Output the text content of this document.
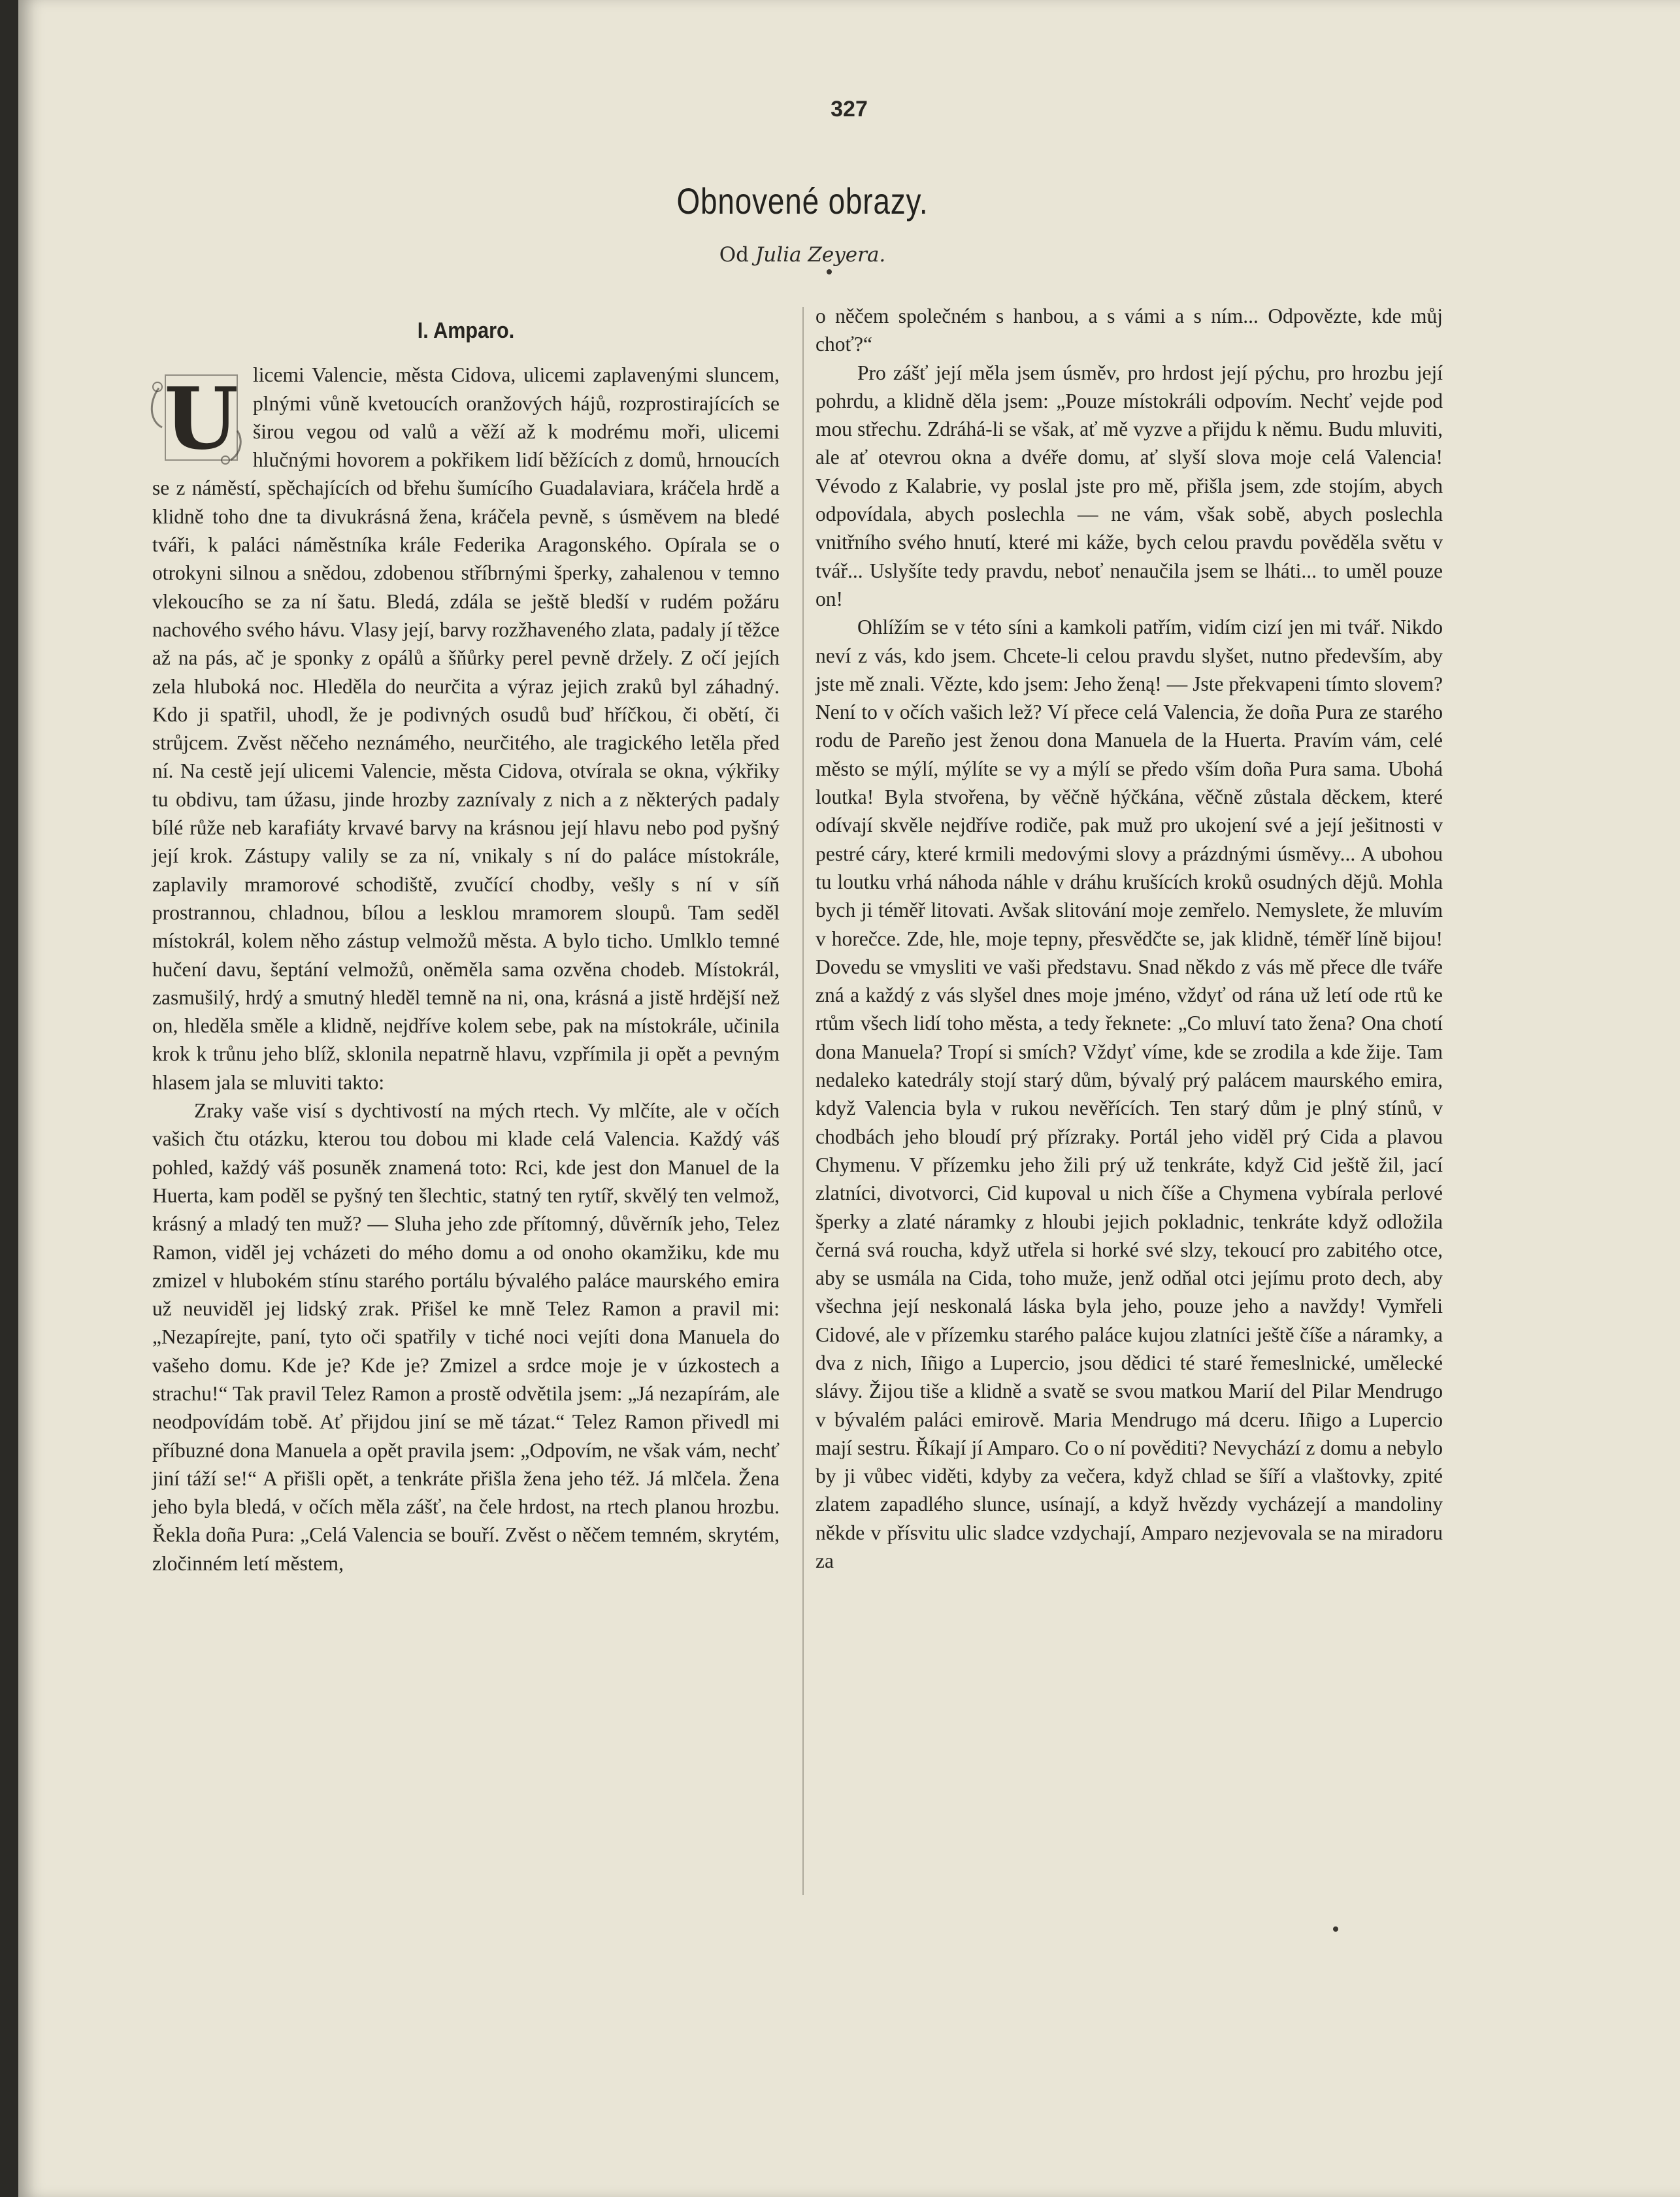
327
Obnovené obrazy.
Od Julia Zeyera.
I. Amparo.
U licemi Valencie, města Cidova, ulicemi zaplavenými sluncem, plnými vůně kvetoucích oranžových hájů, rozprostirajících se širou vegou od valů a věží až k modrému moři, ulicemi hlučnými hovorem a pokřikem lidí běžících z domů, hrnoucích se z náměstí, spěchajících od břehu šumícího Guadalaviara, kráčela hrdě a klidně toho dne ta divukrásná žena, kráčela pevně, s úsměvem na bledé tváři, k paláci náměstníka krále Federika Aragonského. Opírala se o otrokyni silnou a snědou, zdobenou stříbrnými šperky, zahalenou v temno vlekoucího se za ní šatu. Bledá, zdála se ještě bledší v rudém požáru nachového svého hávu. Vlasy její, barvy rozžhaveného zlata, padaly jí těžce až na pás, ač je sponky z opálů a šňůrky perel pevně držely. Z očí jejích zela hluboká noc. Hleděla do neurčita a výraz jejich zraků byl záhadný. Kdo ji spatřil, uhodl, že je podivných osudů buď hříčkou, či obětí, či strůjcem. Zvěst něčeho neznámého, neurčitého, ale tragického letěla před ní. Na cestě její ulicemi Valencie, města Cidova, otvírala se okna, výkřiky tu obdivu, tam úžasu, jinde hrozby zaznívaly z nich a z některých padaly bílé růže neb karafiáty krvavé barvy na krásnou její hlavu nebo pod pyšný její krok. Zástupy valily se za ní, vnikaly s ní do paláce místokrále, zaplavily mramorové schodiště, zvučící chodby, vešly s ní v síň prostrannou, chladnou, bílou a lesklou mramorem sloupů. Tam seděl místokrál, kolem něho zástup velmožů města. A bylo ticho. Umlklo temné hučení davu, šeptání velmožů, oněměla sama ozvěna chodeb. Místokrál, zasmušilý, hrdý a smutný hleděl temně na ni, ona, krásná a jistě hrdější než on, hleděla směle a klidně, nejdříve kolem sebe, pak na místokrále, učinila krok k trůnu jeho blíž, sklonila nepatrně hlavu, vzpřímila ji opět a pevným hlasem jala se mluviti takto:

Zraky vaše visí s dychtivostí na mých rtech. Vy mlčíte, ale v očích vašich čtu otázku, kterou tou dobou mi klade celá Valencia. Každý váš pohled, každý váš posuněk znamená toto: Rci, kde jest don Manuel de la Huerta, kam poděl se pyšný ten šlechtic, statný ten rytíř, skvělý ten velmož, krásný a mladý ten muž? — Sluha jeho zde přítomný, důvěrník jeho, Telez Ramon, viděl jej vcházeti do mého domu a od onoho okamžiku, kde mu zmizel v hlubokém stínu starého portálu bývalého paláce maurského emira už neuviděl jej lidský zrak. Přišel ke mně Telez Ramon a pravil mi: „Nezapírejte, paní, tyto oči spatřily v tiché noci vejíti dona Manuela do vašeho domu. Kde je? Kde je? Zmizel a srdce moje je v úzkostech a strachu!“ Tak pravil Telez Ramon a prostě odvětila jsem: „Já nezapírám, ale neodpovídám tobě. Ať přijdou jiní se mě tázat.“ Telez Ramon přivedl mi příbuzné dona Manuela a opět pravila jsem: „Odpovím, ne však vám, nechť jiní táží se!“ A přišli opět, a tenkráte přišla žena jeho též. Já mlčela. Žena jeho byla bledá, v očích měla zášť, na čele hrdost, na rtech planou hrozbu. Řekla doña Pura: „Celá Valencia se bouří. Zvěst o něčem temném, skrytém, zločinném letí městem,

o něčem společném s hanbou, a s vámi a s ním... Odpovězte, kde můj choť?“

Pro zášť její měla jsem úsměv, pro hrdost její pýchu, pro hrozbu její pohrdu, a klidně děla jsem: „Pouze místokráli odpovím. Nechť vejde pod mou střechu. Zdráhá-li se však, ať mě vyzve a přijdu k němu. Budu mluviti, ale ať otevrou okna a dvéře domu, ať slyší slova moje celá Valencia! Vévodo z Kalabrie, vy poslal jste pro mě, přišla jsem, zde stojím, abych odpovídala, abych poslechla — ne vám, však sobě, abych poslechla vnitřního svého hnutí, které mi káže, bych celou pravdu pověděla světu v tvář... Uslyšíte tedy pravdu, neboť nenaučila jsem se lháti... to uměl pouze on!

Ohlížím se v této síni a kamkoli patřím, vidím cizí jen mi tvář. Nikdo neví z vás, kdo jsem. Chcete-li celou pravdu slyšet, nutno především, aby jste mě znali. Vězte, kdo jsem: Jeho ženą! — Jste překvapeni tímto slovem? Není to v očích vašich lež? Ví přece celá Valencia, že doña Pura ze starého rodu de Pareño jest ženou dona Manuela de la Huerta. Pravím vám, celé město se mýlí, mýlíte se vy a mýlí se předo vším doña Pura sama. Ubohá loutka! Byla stvořena, by věčně hýčkána, věčně zůstala děckem, které odívají skvěle nejdříve rodiče, pak muž pro ukojení své a její ješitnosti v pestré cáry, které krmili medovými slovy a prázdnými úsměvy... A ubohou tu loutku vrhá náhoda náhle v dráhu krušících kroků osudných dějů. Mohla bych ji téměř litovati. Avšak slitování moje zemřelo. Nemyslete, že mluvím v horečce. Zde, hle, moje tepny, přesvědčte se, jak klidně, téměř líně bijou! Dovedu se vmysliti ve vaši představu. Snad někdo z vás mě přece dle tváře zná a každý z vás slyšel dnes moje jméno, vždyť od rána už letí ode rtů ke rtům všech lidí toho města, a tedy řeknete: „Co mluví tato žena? Ona chotí dona Manuela? Tropí si smích? Vždyť víme, kde se zrodila a kde žije. Tam nedaleko katedrály stojí starý dům, bývalý prý palácem maurského emira, když Valencia byla v rukou nevěřících. Ten starý dům je plný stínů, v chodbách jeho bloudí prý přízraky. Portál jeho viděl prý Cida a plavou Chymenu. V přízemku jeho žili prý už tenkráte, když Cid ještě žil, jací zlatníci, divotvorci, Cid kupoval u nich číše a Chymena vybírala perlové šperky a zlaté náramky z hloubi jejich pokladnic, tenkráte když odložila černá svá roucha, když utřela si horké své slzy, tekoucí pro zabitého otce, aby se usmála na Cida, toho muže, jenž odňal otci jejímu proto dech, aby všechna její neskonalá láska byla jeho, pouze jeho a navždy! Vymřeli Cidové, ale v přízemku starého paláce kujou zlatníci ještě číše a náramky, a dva z nich, Iñigo a Lupercio, jsou dědici té staré řemeslnické, umělecké slávy. Žijou tiše a klidně a svatě se svou matkou Marií del Pilar Mendrugo v bývalém paláci emirově. Maria Mendrugo má dceru. Iñigo a Lupercio mají sestru. Říkají jí Amparo. Co o ní pověditi? Nevychází z domu a nebylo by ji vůbec viděti, kdyby za večera, když chlad se šíří a vlaštovky, zpité zlatem zapadlého slunce, usínají, a když hvězdy vycházejí a mandoliny někde v přísvitu ulic sladce vzdychají, Amparo nezjevovala se na miradoru za
